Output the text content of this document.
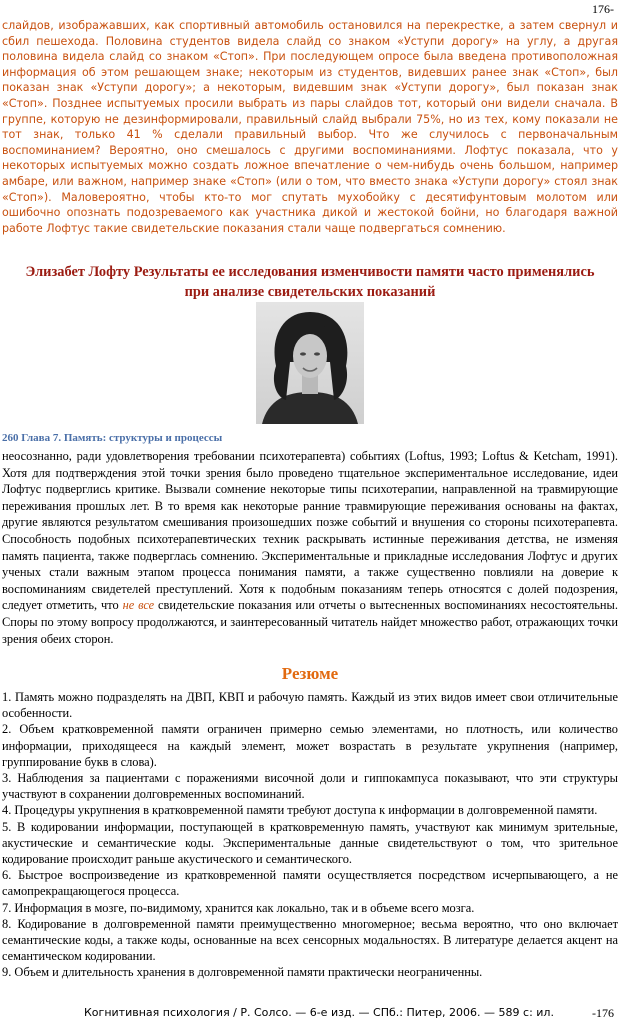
176-

слайдов, изображавших, как спортивный автомобиль остановился на перекрестке, а затем свернул и сбил пешехода. Половина студентов видела слайд со знаком «Уступи дорогу» на углу, а другая половина видела слайд со знаком «Стоп». При последующем опросе была введена противоположная информация об этом решающем знаке; некоторым из студентов, видевших ранее знак «Стоп», был показан знак «Уступи дорогу»; а некоторым, видевшим знак «Уступи дорогу», был показан знак «Стоп». Позднее испытуемых просили выбрать из пары слайдов тот, который они видели сначала. В группе, которую не дезинформировали, правильный слайд выбрали 75%, но из тех, кому показали не тот знак, только 41 % сделали правильный выбор. Что же случилось с первоначальным воспоминанием? Вероятно, оно смешалось с другими воспоминаниями. Лофтус показала, что у некоторых испытуемых можно создать ложное впечатление о чем-нибудь очень большом, например амбаре, или важном, например знаке «Стоп» (или о том, что вместо знака «Уступи дорогу» стоял знак «Стоп»). Маловероятно, чтобы кто-то мог спутать мухобойку с десятифунтовым молотом или ошибочно опознать подозреваемого как участника дикой и жестокой бойни, но благодаря важной работе Лофтус такие свидетельские показания стали чаще подвергаться сомнению.

Элизабет Лофту Результаты ее исследования изменчивости памяти часто применялись при анализе свидетельских показаний

260 Глава 7. Память: структуры и процессы

неосознанно, ради удовлетворения требовании психотерапевта) событиях (Loftus, 1993; Loftus & Ketcham, 1991). Хотя для подтверждения этой точки зрения было проведено тщательное экспериментальное исследование, идеи Лофтус подверглись критике. Вызвали сомнение некоторые типы психотерапии, направленной на травмирующие переживания прошлых лет. В то время как некоторые ранние травмирующие переживания основаны на фактах, другие являются результатом смешивания произошедших позже событий и внушения со стороны психотерапевта. Способность подобных психотерапевтических техник раскрывать истинные переживания детства, не изменяя память пациента, также подверглась сомнению. Экспериментальные и прикладные исследования Лофтус и других ученых стали важным этапом процесса понимания памяти, а также существенно повлияли на доверие к воспоминаниям свидетелей преступлений. Хотя к подобным показаниям теперь относятся с долей подозрения, следует отметить, что не все свидетельские показания или отчеты о вытесненных воспоминаниях несостоятельны. Споры по этому вопросу продолжаются, и заинтересованный читатель найдет множество работ, отражающих точки зрения обеих сторон.

Резюме
1. Память можно подразделять на ДВП, КВП и рабочую память. Каждый из этих видов имеет свои отличительные особенности.
2. Объем кратковременной памяти ограничен примерно семью элементами, но плотность, или количество информации, приходящееся на каждый элемент, может возрастать в результате укрупнения (например, группирование букв в слова).
3. Наблюдения за пациентами с поражениями височной доли и гиппокампуса показывают, что эти структуры участвуют в сохранении долговременных воспоминаний.
4. Процедуры укрупнения в кратковременной памяти требуют доступа к информации в долговременной памяти.
5. В кодировании информации, поступающей в кратковременную память, участвуют как минимум зрительные, акустические и семантические коды. Экспериментальные данные свидетельствуют о том, что зрительное кодирование происходит раньше акустического и семантического.
6. Быстрое воспроизведение из кратковременной памяти осуществляется посредством исчерпывающего, а не самопрекращающегося процесса.
7. Информация в мозге, по-видимому, хранится как локально, так и в объеме всего мозга.
8. Кодирование в долговременной памяти преимущественно многомерное; весьма вероятно, что оно включает семантические коды, а также коды, основанные на всех сенсорных модальностях. В литературе делается акцент на семантическом кодировании.
9. Объем и длительность хранения в долговременной памяти практически неограниченны.
Когнитивная психология / Р. Солсо. — 6-е изд. — СПб.: Питер, 2006. — 589 с: ил.	-176
